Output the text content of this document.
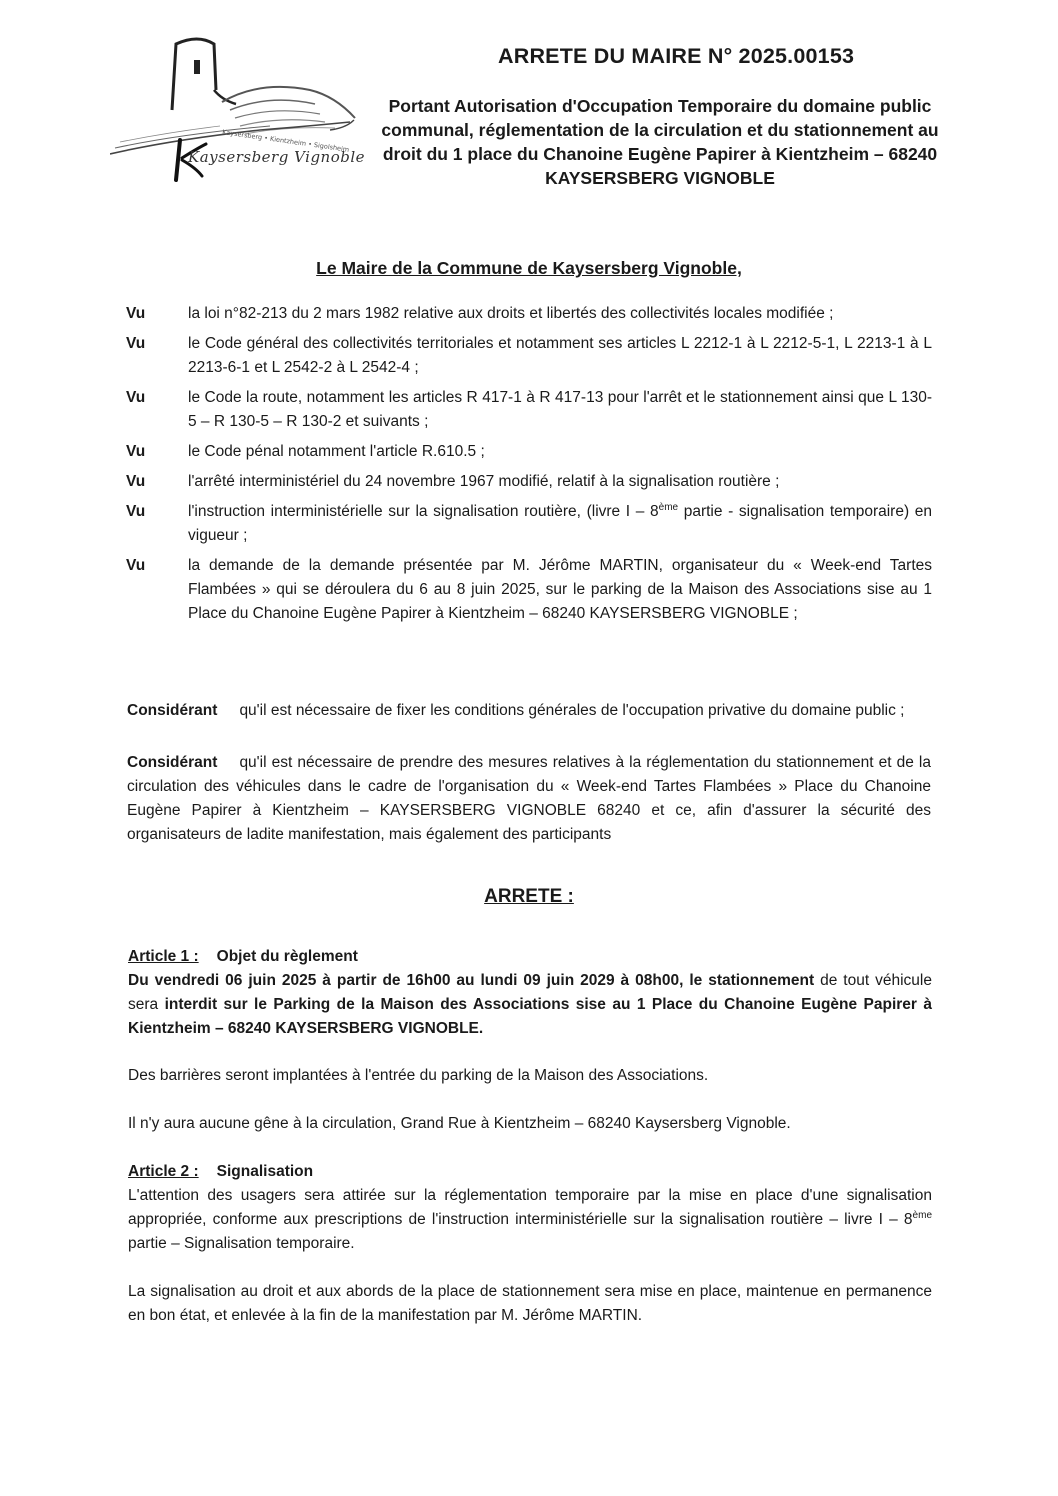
Kaysersberg • Kientzheim • Sigolsheim
Kaysersberg Vignoble
ARRETE DU MAIRE N° 2025.00153
Portant Autorisation d'Occupation Temporaire du domaine public communal, réglementation de la circulation et du stationnement au droit du 1 place du Chanoine Eugène Papirer à Kientzheim – 68240 KAYSERSBERG VIGNOBLE
Le Maire de la Commune de Kaysersberg Vignoble,
Vu	la loi n°82-213 du 2 mars 1982 relative aux droits et libertés des collectivités locales modifiée ;
Vu	le Code général des collectivités territoriales et notamment ses articles L 2212-1 à L 2212-5-1, L 2213-1 à L 2213-6-1 et L 2542-2 à L 2542-4 ;
Vu	le Code la route, notamment les articles R 417-1 à R 417-13 pour l'arrêt et le stationnement ainsi que L 130-5 – R 130-5 – R 130-2 et suivants ;
Vu	le Code pénal notamment l'article R.610.5 ;
Vu	l'arrêté interministériel du 24 novembre 1967 modifié, relatif à la signalisation routière ;
Vu	l'instruction interministérielle sur la signalisation routière, (livre I – 8ème partie - signalisation temporaire) en vigueur ;
Vu	la demande de la demande présentée par M. Jérôme MARTIN, organisateur du « Week-end Tartes Flambées » qui se déroulera du 6 au 8 juin 2025, sur le parking de la Maison des Associations sise au 1 Place du Chanoine Eugène Papirer à Kientzheim – 68240 KAYSERSBERG VIGNOBLE ;
Considérant qu'il est nécessaire de fixer les conditions générales de l'occupation privative du domaine public ;
Considérant qu'il est nécessaire de prendre des mesures relatives à la réglementation du stationnement et de la circulation des véhicules dans le cadre de l'organisation du « Week-end Tartes Flambées » Place du Chanoine Eugène Papirer à Kientzheim – KAYSERSBERG VIGNOBLE 68240 et ce, afin d'assurer la sécurité des organisateurs de ladite manifestation, mais également des participants
ARRETE :
Article 1 : Objet du règlement
Du vendredi 06 juin 2025 à partir de 16h00 au lundi 09 juin 2029 à 08h00, le stationnement de tout véhicule sera interdit sur le Parking de la Maison des Associations sise au 1 Place du Chanoine Eugène Papirer à Kientzheim – 68240 KAYSERSBERG VIGNOBLE.
Des barrières seront implantées à l'entrée du parking de la Maison des Associations.
Il n'y aura aucune gêne à la circulation, Grand Rue à Kientzheim – 68240 Kaysersberg Vignoble.
Article 2 : Signalisation
L'attention des usagers sera attirée sur la réglementation temporaire par la mise en place d'une signalisation appropriée, conforme aux prescriptions de l'instruction interministérielle sur la signalisation routière – livre I – 8ème partie – Signalisation temporaire.
La signalisation au droit et aux abords de la place de stationnement sera mise en place, maintenue en permanence en bon état, et enlevée à la fin de la manifestation par M. Jérôme MARTIN.
